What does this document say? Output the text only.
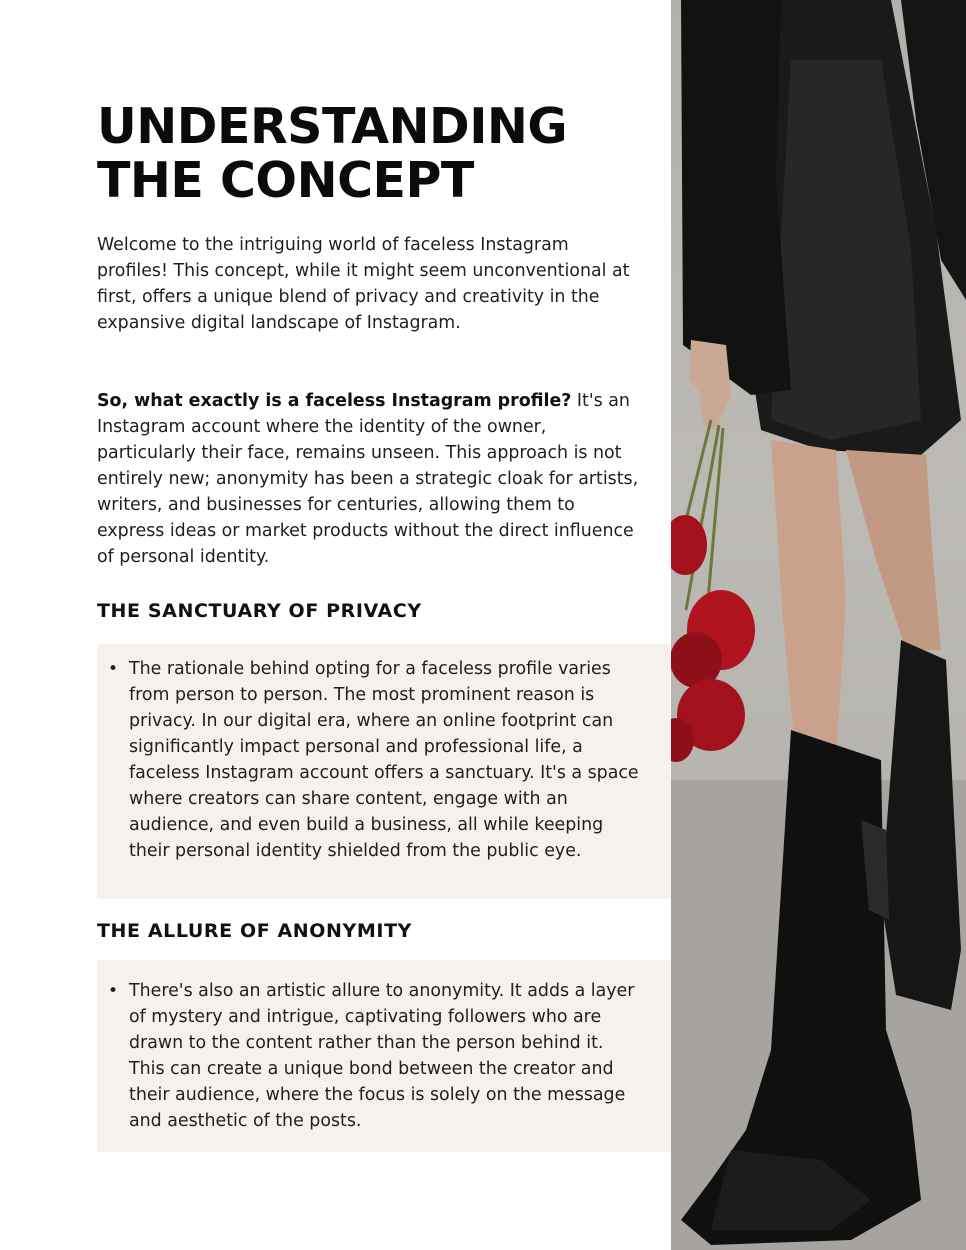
UNDERSTANDING
THE CONCEPT

Welcome to the intriguing world of faceless Instagram profiles! This concept, while it might seem unconventional at first, offers a unique blend of privacy and creativity in the expansive digital landscape of Instagram.

So, what exactly is a faceless Instagram profile? It's an Instagram account where the identity of the owner, particularly their face, remains unseen. This approach is not entirely new; anonymity has been a strategic cloak for artists, writers, and businesses for centuries, allowing them to express ideas or market products without the direct influence of personal identity.

THE SANCTUARY OF PRIVACY
• The rationale behind opting for a faceless profile varies from person to person. The most prominent reason is privacy. In our digital era, where an online footprint can significantly impact personal and professional life, a faceless Instagram account offers a sanctuary. It's a space where creators can share content, engage with an audience, and even build a business, all while keeping their personal identity shielded from the public eye.
THE ALLURE OF ANONYMITY
• There's also an artistic allure to anonymity. It adds a layer of mystery and intrigue, captivating followers who are drawn to the content rather than the person behind it. This can create a unique bond between the creator and their audience, where the focus is solely on the message and aesthetic of the posts.
